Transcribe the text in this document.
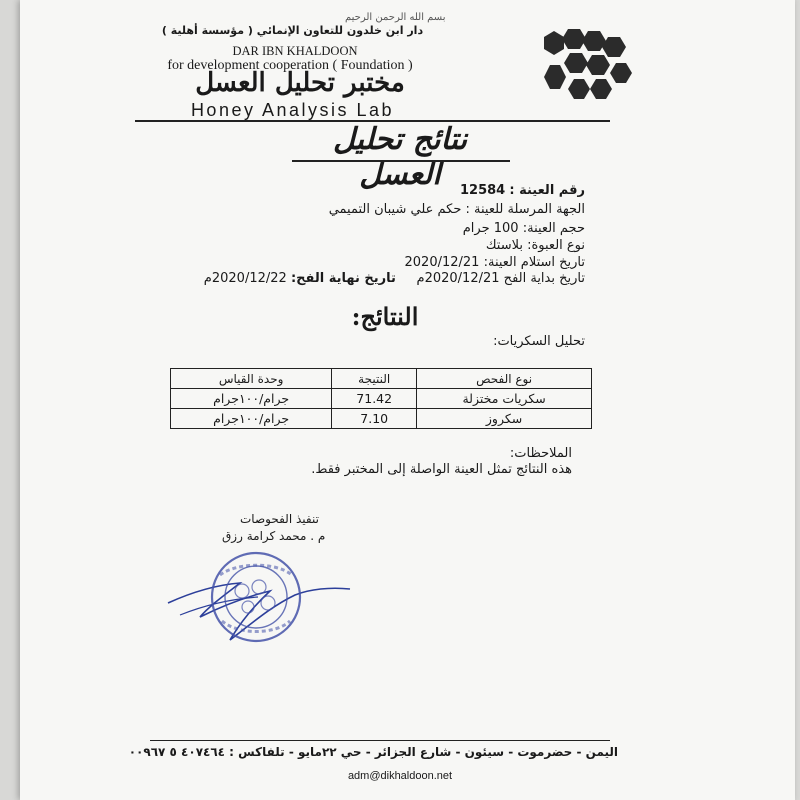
بسم الله الرحمن الرحيم
دار ابن خلدون للتعاون الإنمائي ( مؤسسة أهلية )
DAR IBN KHALDOON
for development cooperation ( Foundation )
مختبر تحليل العسل
Honey Analysis Lab
نتائج تحليل العسل	رقم العينة : 12584
الجهة المرسلة للعينة : حكم علي شيبان التميمي
حجم العينة: 100 جرام
نوع العبوة: بلاستك
تاريخ استلام العينة: 2020/12/21
تاريخ بداية الفح 2020/12/21م     تاريخ نهاية الفح: 2020/12/22م
النتائج:
تحليل السكريات:
نوع الفحص	النتيجة	وحدة القياس
سكريات مختزلة	71.42	جرام/١٠٠جرام
سكروز	7.10	جرام/١٠٠جرام
الملاحظات:
هذه النتائج تمثل العينة الواصلة إلى المختبر فقط.
تنفيذ الفحوصات
م . محمد كرامة رزق
اليمن - حضرموت - سيئون - شارع الجزائر - حي ٢٢مايو - تلفاكس : ٤٠٧٤٦٤ ٥ ٠٠٩٦٧
adm@dikhaldoon.net
